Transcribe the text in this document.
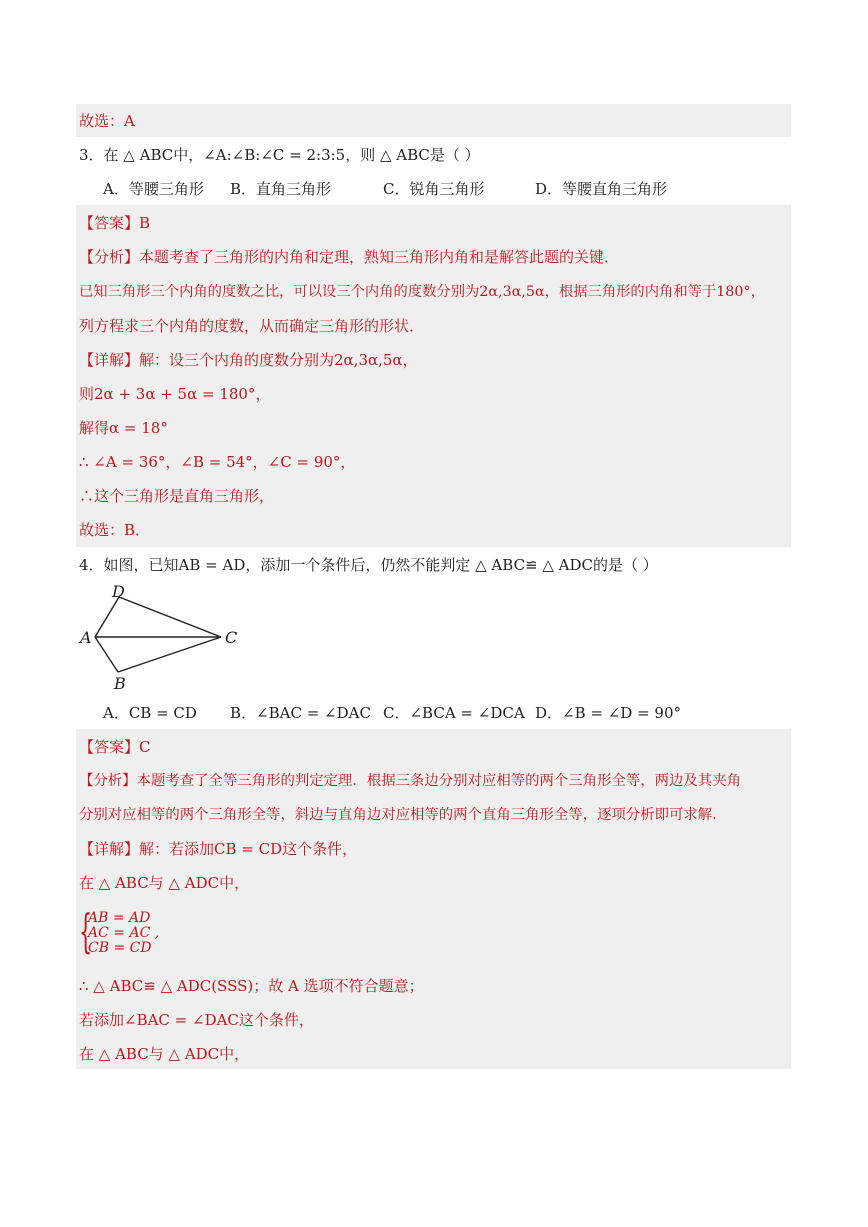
故选：A
3．在 △ ABC中，∠A:∠B:∠C = 2:3:5，则 △ ABC是（ ）
A．等腰三角形 B．直角三角形	C．锐角三角形	D．等腰直角三角形
【答案】B
【分析】本题考查了三角形的内角和定理，熟知三角形内角和是解答此题的关键．
已知三角形三个内角的度数之比，可以设三个内角的度数分别为2α,3α,5α，根据三角形的内角和等于180°，
列方程求三个内角的度数，从而确定三角形的形状．
【详解】解：设三个内角的度数分别为2α,3α,5α，
则2α + 3α + 5α = 180°，
解得α = 18°
∴ ∠A = 36°，∠B = 54°，∠C = 90°，
∴这个三角形是直角三角形，
故选：B．
4．如图，已知AB = AD，添加一个条件后，仍然不能判定 △ ABC≌ △ ADC的是（ ）
D
A	C
B
A．CB = CD B．∠BAC = ∠DAC C．∠BCA = ∠DCA D．∠B = ∠D = 90°
【答案】C
【分析】本题考查了全等三角形的判定定理．根据三条边分别对应相等的两个三角形全等，两边及其夹角
分别对应相等的两个三角形全等，斜边与直角边对应相等的两个直角三角形全等，逐项分析即可求解．
【详解】解：若添加CB = CD这个条件，
在 △ ABC与 △ ADC中，
{
AB = AD
AC = AC ,
CB = CD
∴ △ ABC≌ △ ADC(SSS)；故 A 选项不符合题意；
若添加∠BAC = ∠DAC这个条件，
在 △ ABC与 △ ADC中，
